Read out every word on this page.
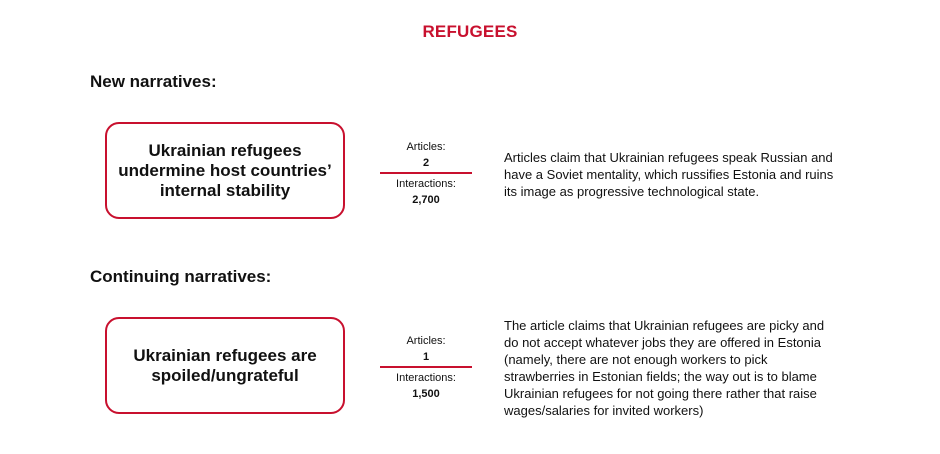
REFUGEES
New narratives:
Ukrainian refugees undermine host countries’ internal stability
Articles:
2
Interactions:
2,700
Articles claim that Ukrainian refugees speak Russian and have a Soviet mentality, which russifies Estonia and ruins its image as progressive technological state.
Continuing narratives:
Ukrainian refugees are spoiled/ungrateful
Articles:
1
Interactions:
1,500
The article claims that Ukrainian refugees are picky and do not accept whatever jobs they are offered in Estonia (namely, there are not enough workers to pick strawberries in Estonian fields; the way out is to blame Ukrainian refugees for not going there rather that raise wages/salaries for invited workers)
